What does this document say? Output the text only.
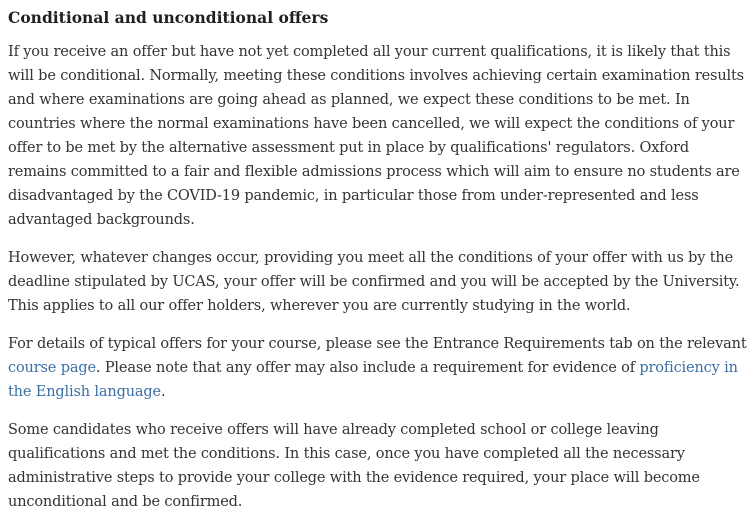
Conditional and unconditional offers

If you receive an offer but have not yet completed all your current qualifications, it is likely that this will be conditional. Normally, meeting these conditions involves achieving certain examination results and where examinations are going ahead as planned, we expect these conditions to be met. In countries where the normal examinations have been cancelled, we will expect the conditions of your offer to be met by the alternative assessment put in place by qualifications' regulators. Oxford remains committed to a fair and flexible admissions process which will aim to ensure no students are disadvantaged by the COVID-19 pandemic, in particular those from under-represented and less advantaged backgrounds.

However, whatever changes occur, providing you meet all the conditions of your offer with us by the deadline stipulated by UCAS, your offer will be confirmed and you will be accepted by the University. This applies to all our offer holders, wherever you are currently studying in the world.

For details of typical offers for your course, please see the Entrance Requirements tab on the relevant course page. Please note that any offer may also include a requirement for evidence of proficiency in the English language.

Some candidates who receive offers will have already completed school or college leaving qualifications and met the conditions. In this case, once you have completed all the necessary administrative steps to provide your college with the evidence required, your place will become unconditional and be confirmed.
